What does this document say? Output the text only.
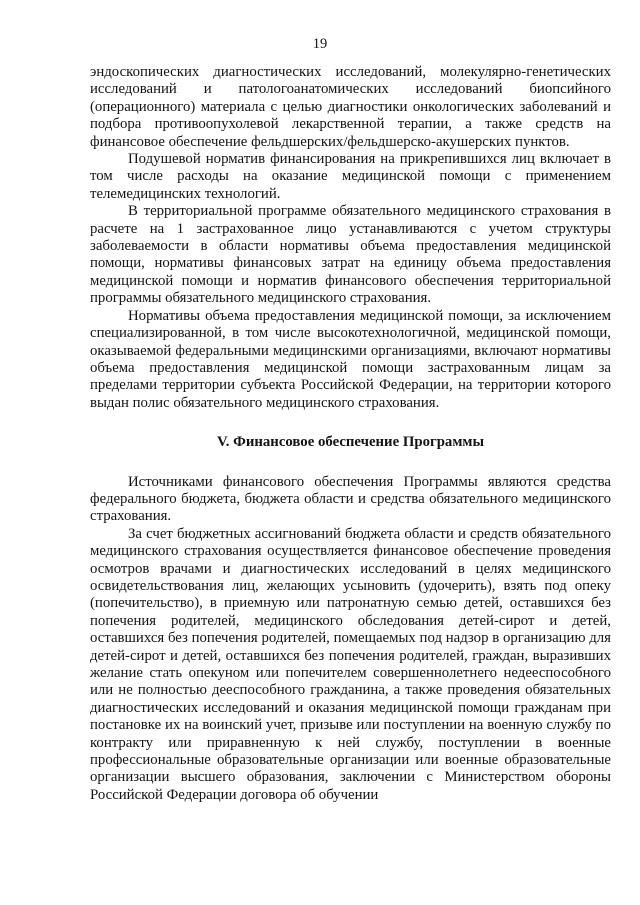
19

эндоскопических диагностических исследований, молекулярно-генетических исследований и патологоанатомических исследований биопсийного (операционного) материала с целью диагностики онкологических заболеваний и подбора противоопухолевой лекарственной терапии, а также средств на финансовое обеспечение фельдшерских/фельдшерско-акушерских пунктов.

Подушевой норматив финансирования на прикрепившихся лиц включает в том числе расходы на оказание медицинской помощи с применением телемедицинских технологий.

В территориальной программе обязательного медицинского страхования в расчете на 1 застрахованное лицо устанавливаются с учетом структуры заболеваемости в области нормативы объема предоставления медицинской помощи, нормативы финансовых затрат на единицу объема предоставления медицинской помощи и норматив финансового обеспечения территориальной программы обязательного медицинского страхования.

Нормативы объема предоставления медицинской помощи, за исключением специализированной, в том числе высокотехнологичной, медицинской помощи, оказываемой федеральными медицинскими организациями, включают нормативы объема предоставления медицинской помощи застрахованным лицам за пределами территории субъекта Российской Федерации, на территории которого выдан полис обязательного медицинского страхования.

V. Финансовое обеспечение Программы

Источниками финансового обеспечения Программы являются средства федерального бюджета, бюджета области и средства обязательного медицинского страхования.

За счет бюджетных ассигнований бюджета области и средств обязательного медицинского страхования осуществляется финансовое обеспечение проведения осмотров врачами и диагностических исследований в целях медицинского освидетельствования лиц, желающих усыновить (удочерить), взять под опеку (попечительство), в приемную или патронатную семью детей, оставшихся без попечения родителей, медицинского обследования детей-сирот и детей, оставшихся без попечения родителей, помещаемых под надзор в организацию для детей-сирот и детей, оставшихся без попечения родителей, граждан, выразивших желание стать опекуном или попечителем совершеннолетнего недееспособного или не полностью дееспособного гражданина, а также проведения обязательных диагностических исследований и оказания медицинской помощи гражданам при постановке их на воинский учет, призыве или поступлении на военную службу по контракту или приравненную к ней службу, поступлении в военные профессиональные образовательные организации или военные образовательные организации высшего образования, заключении с Министерством обороны Российской Федерации договора об обучении
